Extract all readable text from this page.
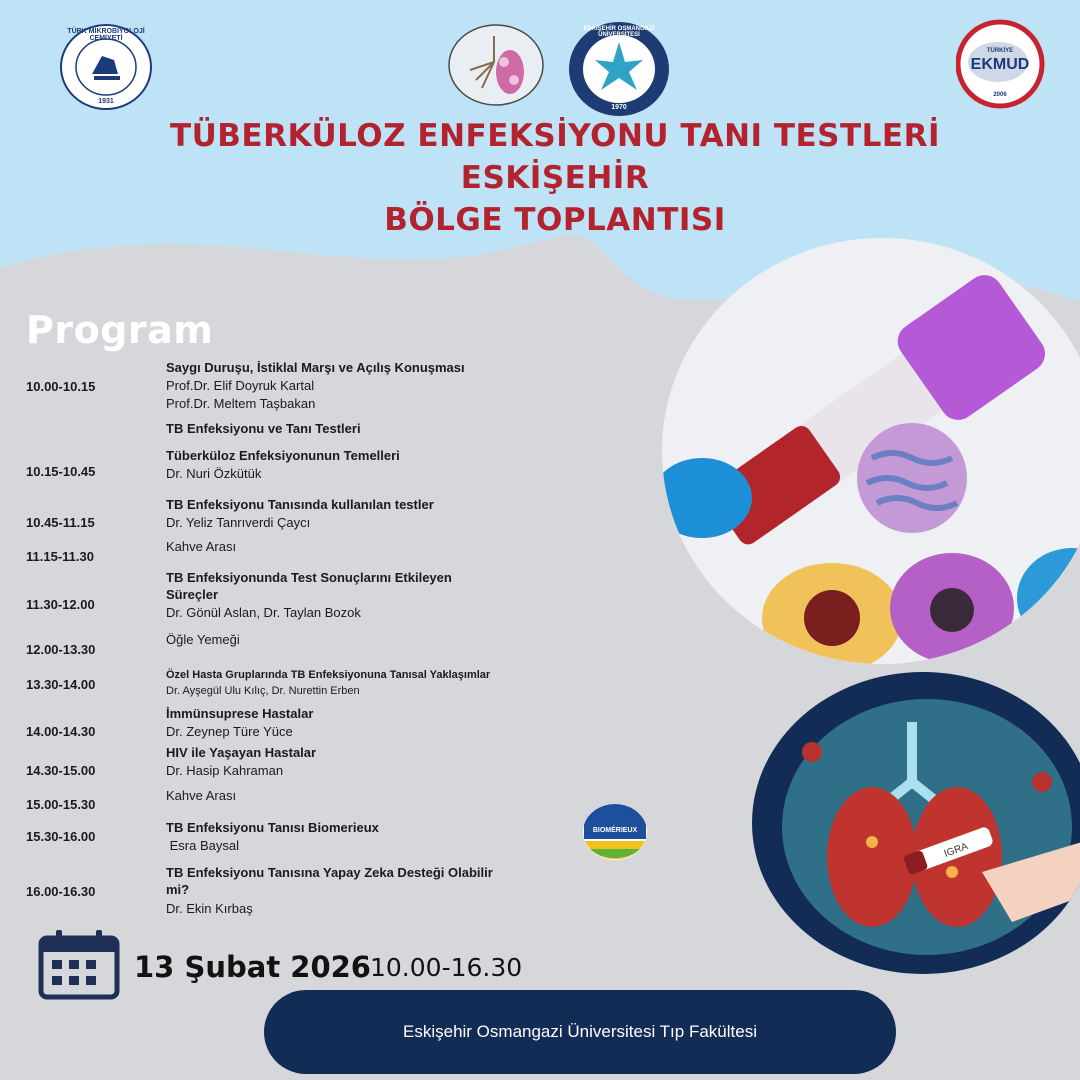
TÜRK MİKROBİYOLOJİ CEMİYETİ
1931
ESKİŞEHİR OSMANGAZİ ÜNİVERSİTESİ
1970
TÜRKİYE
EKMUD
2006
TÜBERKÜLOZ ENFEKSİYONU TANI TESTLERİ
ESKİŞEHİR
BÖLGE TOPLANTISI
IGRA
Program
10.00-10.15
Saygı Duruşu, İstiklal Marşı ve Açılış Konuşması
Prof.Dr. Elif Doyruk Kartal
Prof.Dr. Meltem Taşbakan
TB Enfeksiyonu ve Tanı Testleri
10.15-10.45
Tüberküloz Enfeksiyonunun Temelleri
Dr. Nuri Özkütük
10.45-11.15
TB Enfeksiyonu Tanısında kullanılan testler
Dr. Yeliz Tanrıverdi Çaycı
11.15-11.30
Kahve Arası
11.30-12.00
TB Enfeksiyonunda Test Sonuçlarını Etkileyen
Süreçler
Dr. Gönül Aslan, Dr. Taylan Bozok
12.00-13.30
Öğle Yemeği
13.30-14.00
Özel Hasta Gruplarında TB Enfeksiyonuna Tanısal Yaklaşımlar
Dr. Ayşegül Ulu Kılıç, Dr. Nurettin Erben
14.00-14.30
İmmünsuprese Hastalar
Dr. Zeynep Türe Yüce
14.30-15.00
HIV ile Yaşayan Hastalar
Dr. Hasip Kahraman
15.00-15.30
Kahve Arası
15.30-16.00
TB Enfeksiyonu Tanısı Biomerieux
Esra Baysal
16.00-16.30
TB Enfeksiyonu Tanısına Yapay Zeka Desteği Olabilir
mi?
Dr. Ekin Kırbaş
BIOMÉRIEUX
13 Şubat 2026 10.00-16.30
Eskişehir Osmangazi Üniversitesi Tıp Fakültesi
